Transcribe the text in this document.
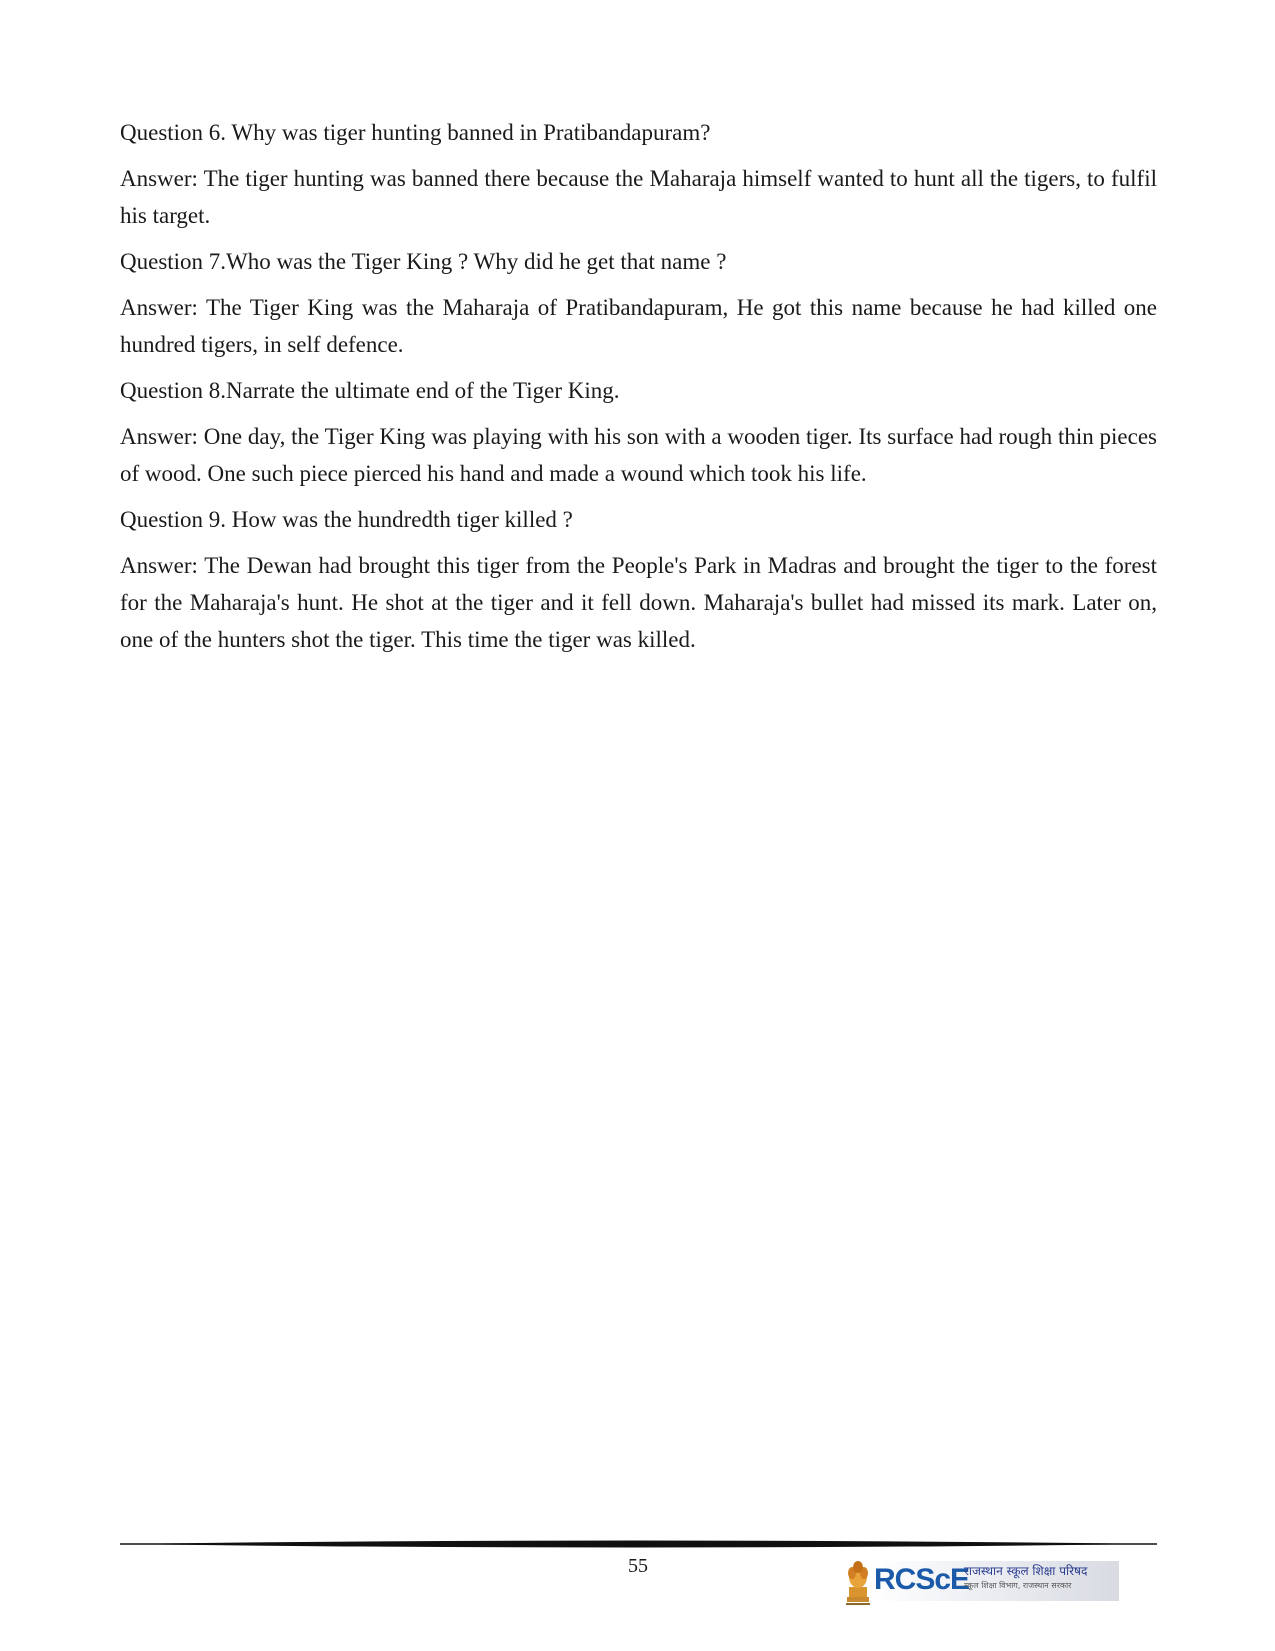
Question 6. Why was tiger hunting banned in Pratibandapuram?

Answer: The tiger hunting was banned there because the Maharaja himself wanted to hunt all the tigers, to fulfil his target.

Question 7.Who was the Tiger King ? Why did he get that name ?

Answer: The Tiger King was the Maharaja of Pratibandapuram, He got this name because he had killed one hundred tigers, in self defence.

Question 8.Narrate the ultimate end of the Tiger King.

Answer: One day, the Tiger King was playing with his son with a wooden tiger. Its surface had rough thin pieces of wood. One such piece pierced his hand and made a wound which took his life.

Question 9. How was the hundredth tiger killed ?

Answer: The Dewan had brought this tiger from the People's Park in Madras and brought the tiger to the forest for the Maharaja's hunt. He shot at the tiger and it fell down. Maharaja's bullet had missed its mark. Later on, one of the hunters shot the tiger. This time the tiger was killed.

55	RCScE
राजस्थान स्कूल शिक्षा परिषद
स्कूल शिक्षा विभाग, राजस्थान सरकार
